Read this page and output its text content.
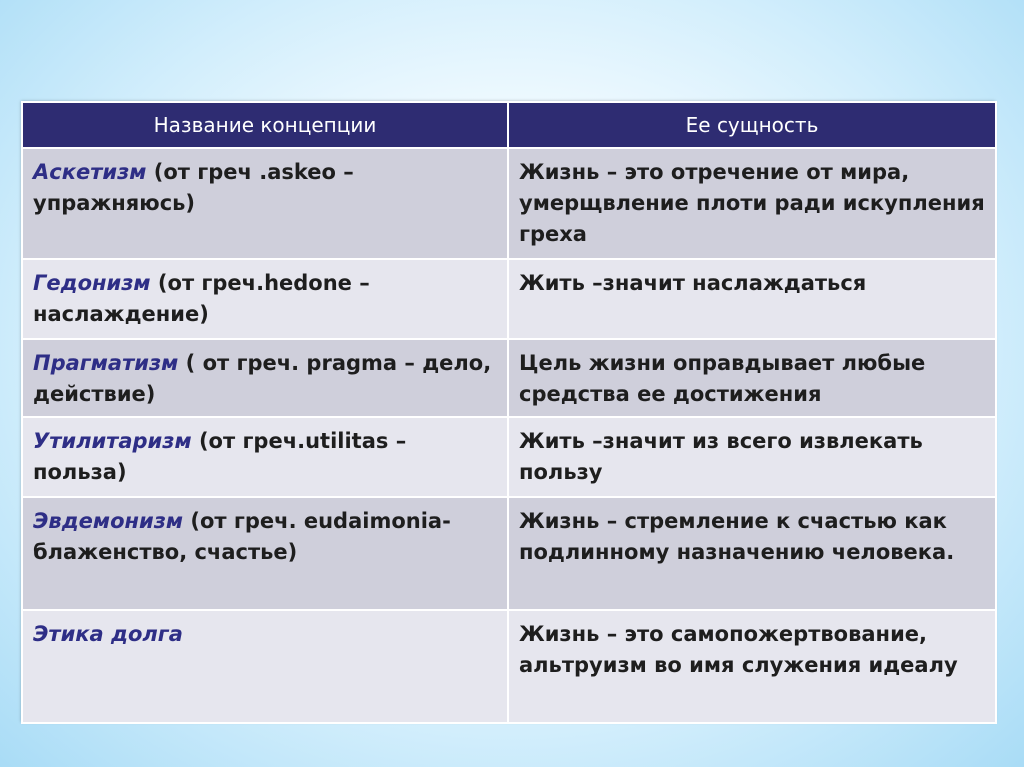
Название концепции	Ее сущность
Аскетизм (от греч .askeo – упражняюсь)	Жизнь – это отречение от мира, умерщвление плоти ради искупления греха
Гедонизм (от греч.hedone – наслаждение)	Жить –значит наслаждаться
Прагматизм ( от греч. pragma – дело, действие)	Цель жизни оправдывает любые средства ее достижения
Утилитаризм (от греч.utilitas – польза)	Жить –значит из всего извлекать пользу
Эвдемонизм (от греч. eudaimonia- блаженство, счастье)	Жизнь – стремление к счастью как подлинному назначению человека.
Этика долга	Жизнь – это самопожертвование, альтруизм во имя служения идеалу
